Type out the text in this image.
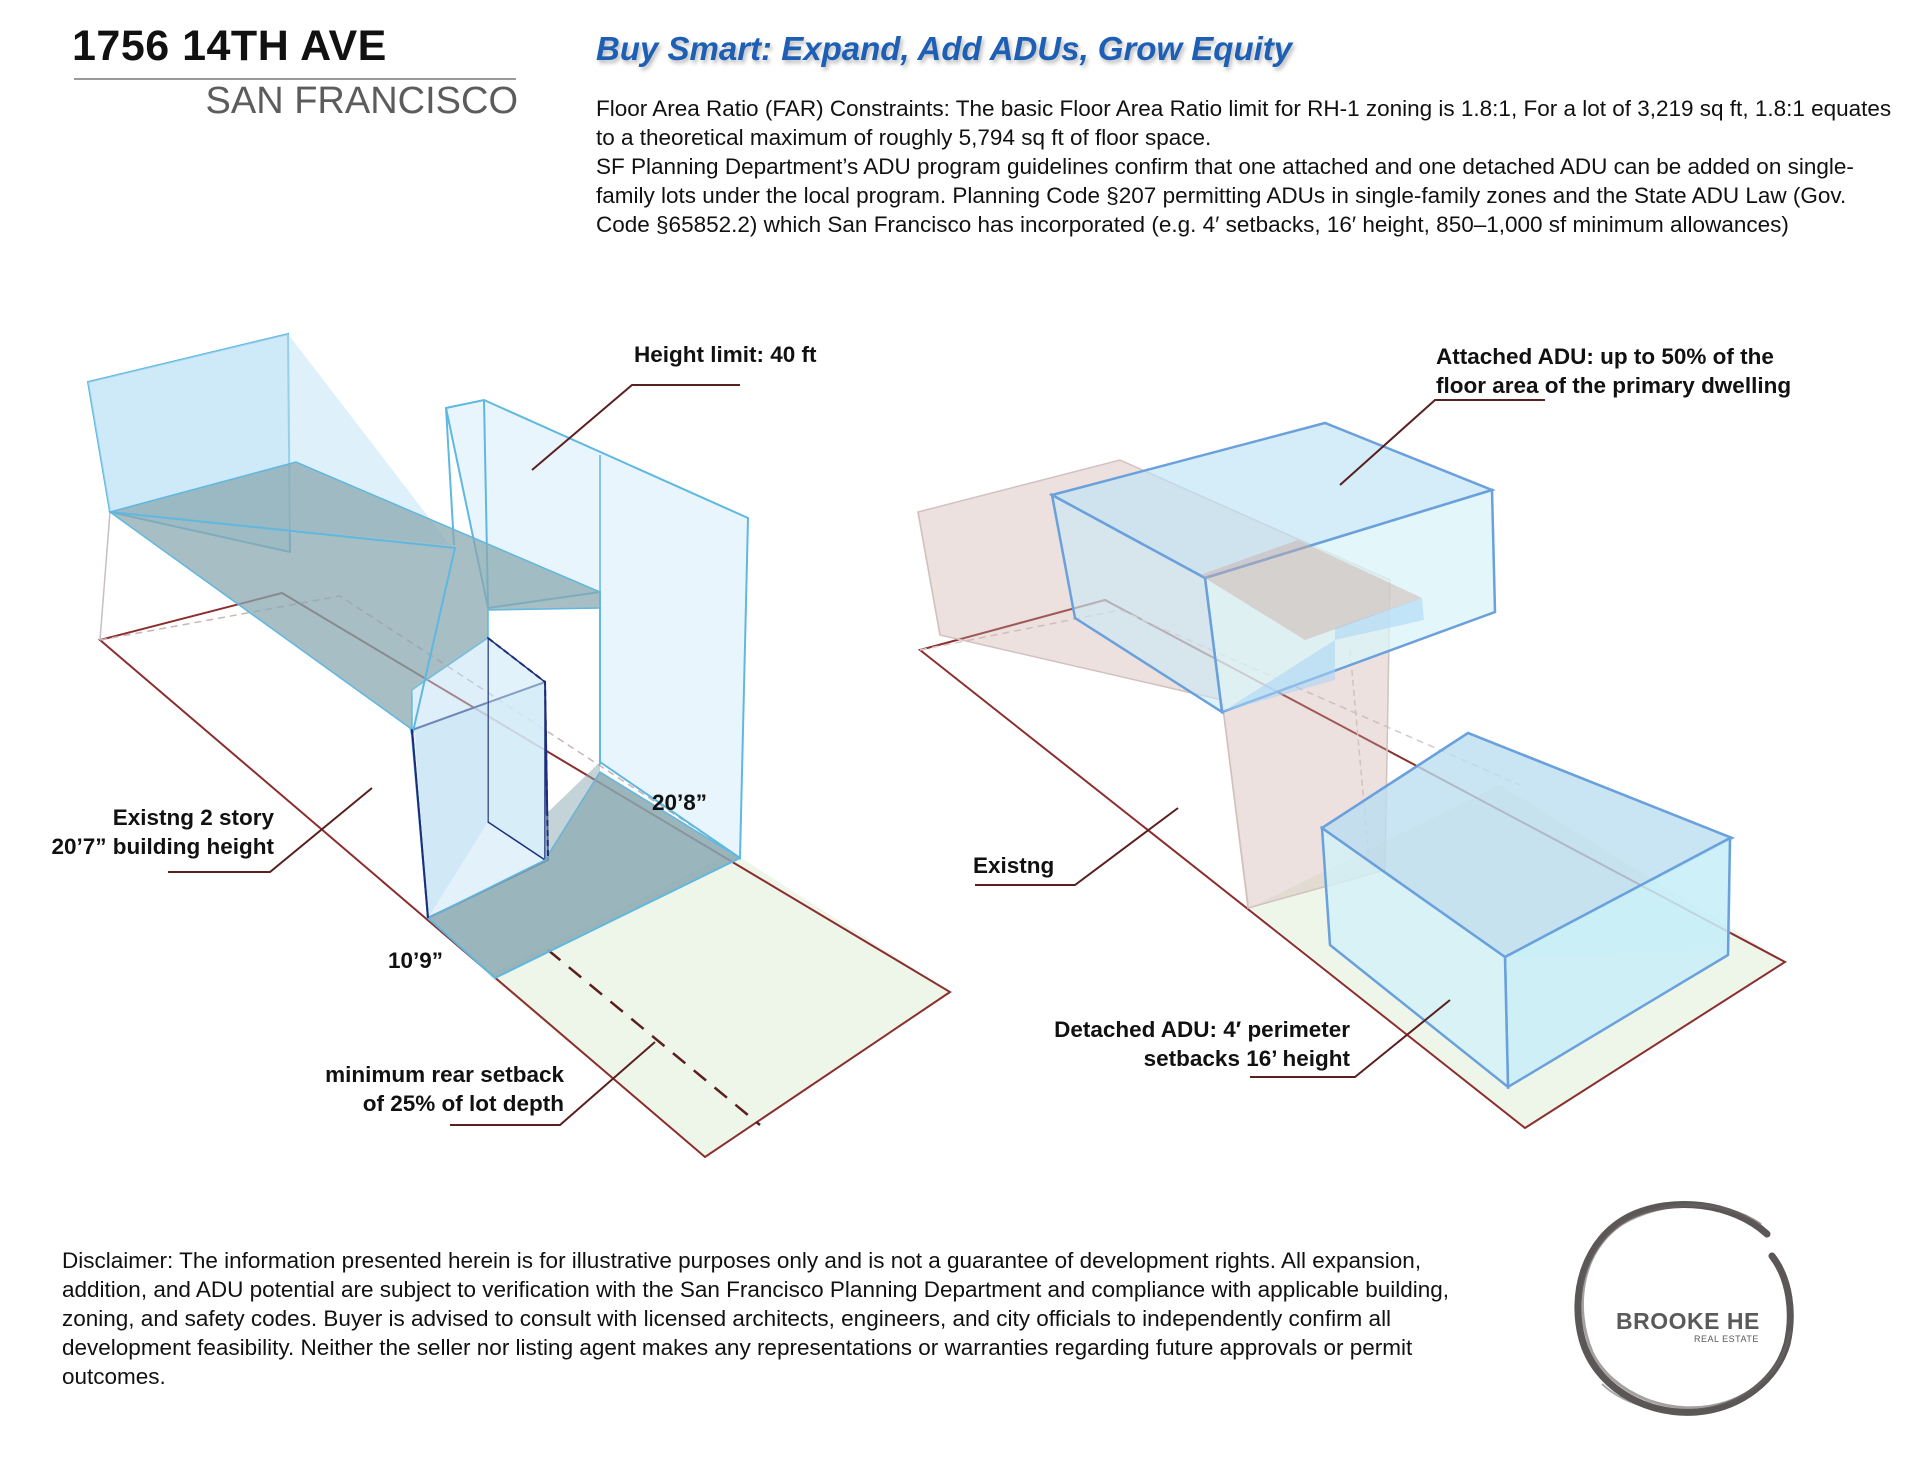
1756 14TH AVE
SAN FRANCISCO
Buy Smart: Expand, Add ADUs, Grow Equity
Floor Area Ratio (FAR) Constraints: The basic Floor Area Ratio limit for RH-1 zoning is 1.8:1, For a lot of 3,219 sq ft, 1.8:1 equates to a theoretical maximum of roughly 5,794 sq ft of floor space.
SF Planning Department’s ADU program guidelines confirm that one attached and one detached ADU can be added on single-family lots under the local program. Planning Code §207 permitting ADUs in single-family zones and the State ADU Law (Gov. Code §65852.2) which San Francisco has incorporated (e.g. 4′ setbacks, 16′ height, 850–1,000 sf minimum allowances)
Height limit: 40 ft
Existng 2 story
20’7” building height
20’8”
10’9”
minimum rear setback
of 25% of lot depth
Attached ADU: up to 50% of the
floor area of the primary dwelling
Existng
Detached ADU: 4′ perimeter
setbacks 16’ height
Disclaimer: The information presented herein is for illustrative purposes only and is not a guarantee of development rights. All expansion, addition, and ADU potential are subject to verification with the San Francisco Planning Department and compliance with applicable building, zoning, and safety codes. Buyer is advised to consult with licensed architects, engineers, and city officials to independently confirm all development feasibility. Neither the seller nor listing agent makes any representations or warranties regarding future approvals or permit outcomes.
BROOKE HE
REAL ESTATE
